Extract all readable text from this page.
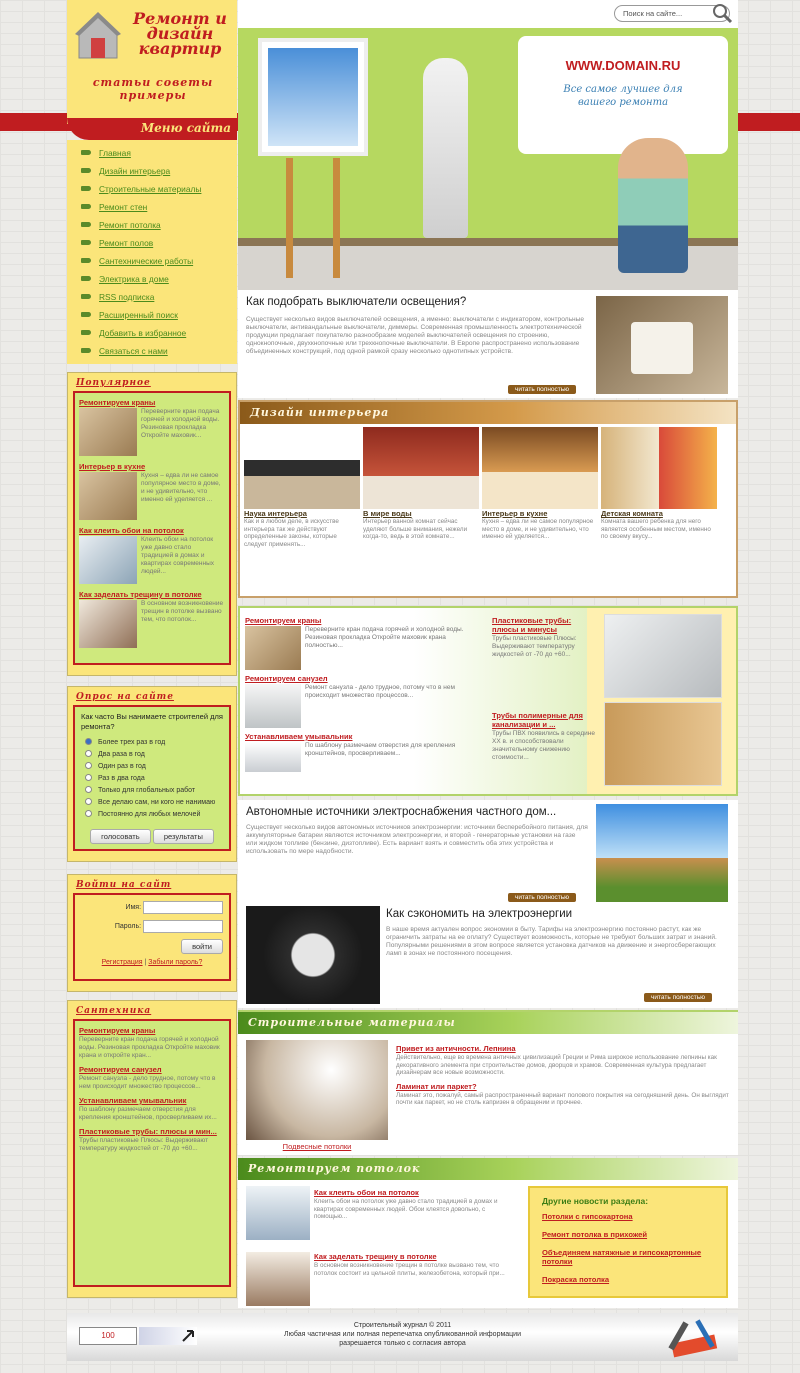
Ремонт и дизайн квартир
статьи советы примеры
Меню сайта
Главная
Дизайн интерьера
Строительные материалы
Ремонт стен
Ремонт потолка
Ремонт полов
Сантехнические работы
Электрика в доме
RSS подписка
Расширенный поиск
Добавить в избранное
Связаться с нами
Популярное
Ремонтируем краны
Переверните кран подача горячей и холодной воды. Резиновая прокладка Откройте маховик...
Интерьер в кухне
Кухня – едва ли не самое популярное место в доме, и не удивительно, что именно ей уделяется ...
Как клеить обои на потолок
Клеить обои на потолок уже давно стало традицией в домах и квартирах современных людей...
Как заделать трещину в потолке
В основном возникновение трещин в потолке вызвано тем, что потолок...
Опрос на сайте
Как часто Вы нанимаете строителей для ремонта?
Более трех раз в год
Два раза в год
Один раз в год
Раз в два года
Только для глобальных работ
Все делаю сам, ни кого не нанимаю
Постоянно для любых мелочей
голосовать	результаты
Войти на сайт
Имя:
Пароль:
войти
Регистрация | Забыли пароль?
Сантехника
Ремонтируем краны
Переверните кран подача горячей и холодной воды. Резиновая прокладка Откройте маховик крана и откройте кран...
Ремонтируем санузел
Ремонт санузла - дело трудное, потому что в нем происходит множество процессов...
Устанавливаем умывальник
По шаблону размечаем отверстия для крепления кронштейнов, просверливаем их...
Пластиковые трубы: плюсы и мин...
Трубы пластиковые Плюсы: Выдерживают температуру жидкостей от -70 до +60...
Поиск на сайте...
WWW.DOMAIN.RU
Все самое лучшее для вашего ремонта
Как подобрать выключатели освещения?
Существует несколько видов выключателей освещения, а именно: выключатели с индикатором, контрольные выключатели, антивандальные выключатели, диммеры. Современная промышленность электротехнической продукции предлагает покупателю разнообразие моделей выключателей освещения по строению, однокнопочные, двухкнопочные или трехкнопочные выключатели. В Европе распространено использование объединенных конструкций, под одной рамкой сразу несколько однотипных устройств.
читать полностью
Дизайн интерьера
Наука интерьера
Как и в любом деле, в искусстве интерьера так же действуют определенные законы, которые следует применять...
В мире воды
Интерьер ванной комнат сейчас уделяют больше внимания, нежели когда-то, ведь в этой комнате...
Интерьер в кухне
Кухня – едва ли не самое популярное место в доме, и не удивительно, что именно ей уделяется...
Детская комната
Комната вашего ребенка для него является особенным местом, именно по своему вкусу...
Ремонтируем краны
Переверните кран подача горячей и холодной воды. Резиновая прокладка Откройте маховик крана полностью...
Ремонтируем санузел
Ремонт санузла - дело трудное, потому что в нем происходит множество процессов...
Устанавливаем умывальник
По шаблону размечаем отверстия для крепления кронштейнов, просверливаем...
Пластиковые трубы: плюсы и минусы
Трубы пластиковые Плюсы: Выдерживают температуру жидкостей от -70 до +60...
Трубы полимерные для канализации и ...
Трубы ПВХ появились в середине XX в. и способствовали значительному снижению стоимости...
Автономные источники электроснабжения частного дом...
Существует несколько видов автономных источников электроэнергии: источники бесперебойного питания, для аккумуляторные батареи являются источником электроэнергии, и второй - генераторные установки на газе или жидком топливе (бензине, дизтопливе). Есть вариант взять и совместить оба этих устройства и использовать по мере надобности.
читать полностью
Как сэкономить на электроэнергии
В наше время актуален вопрос экономии в быту. Тарифы на электроэнергию постоянно растут, как же ограничить затраты на ее оплату? Существует возможность, которые не требуют больших затрат и знаний. Популярными решениями в этом вопросе является установка датчиков на движение и энергосберегающих ламп в зонах не постоянного посещения.
читать полностью
Строительные материалы
Подвесные потолки
Привет из античности. Лепнина
Действительно, еще во времена античных цивилизаций Греции и Рима широкое использование лепнины как декоративного элемента при строительстве домов, дворцов и храмов. Современная культура предлагает дизайнерам все новые возможности.
Ламинат или паркет?
Ламинат это, пожалуй, самый распространенный вариант полового покрытия на сегодняшний день. Он выглядит почти как паркет, но не столь капризен в обращении и прочнее.
Ремонтируем потолок
Как клеить обои на потолок
Клеить обои на потолок уже давно стало традицией в домах и квартирах современных людей. Обои клеятся довольно, с помощью...
Как заделать трещину в потолке
В основном возникновение трещин в потолке вызвано тем, что потолок состоит из цельной плиты, железобетона, который при...
Другие новости раздела:
Потолки с гипсокартона
Ремонт потолка в прихожей
Объединяем натяжные и гипсокартонные потолки
Покраска потолка
100
Строительный журнал © 2011
Любая частичная или полная перепечатка опубликованной информации
разрешается только с согласия автора
